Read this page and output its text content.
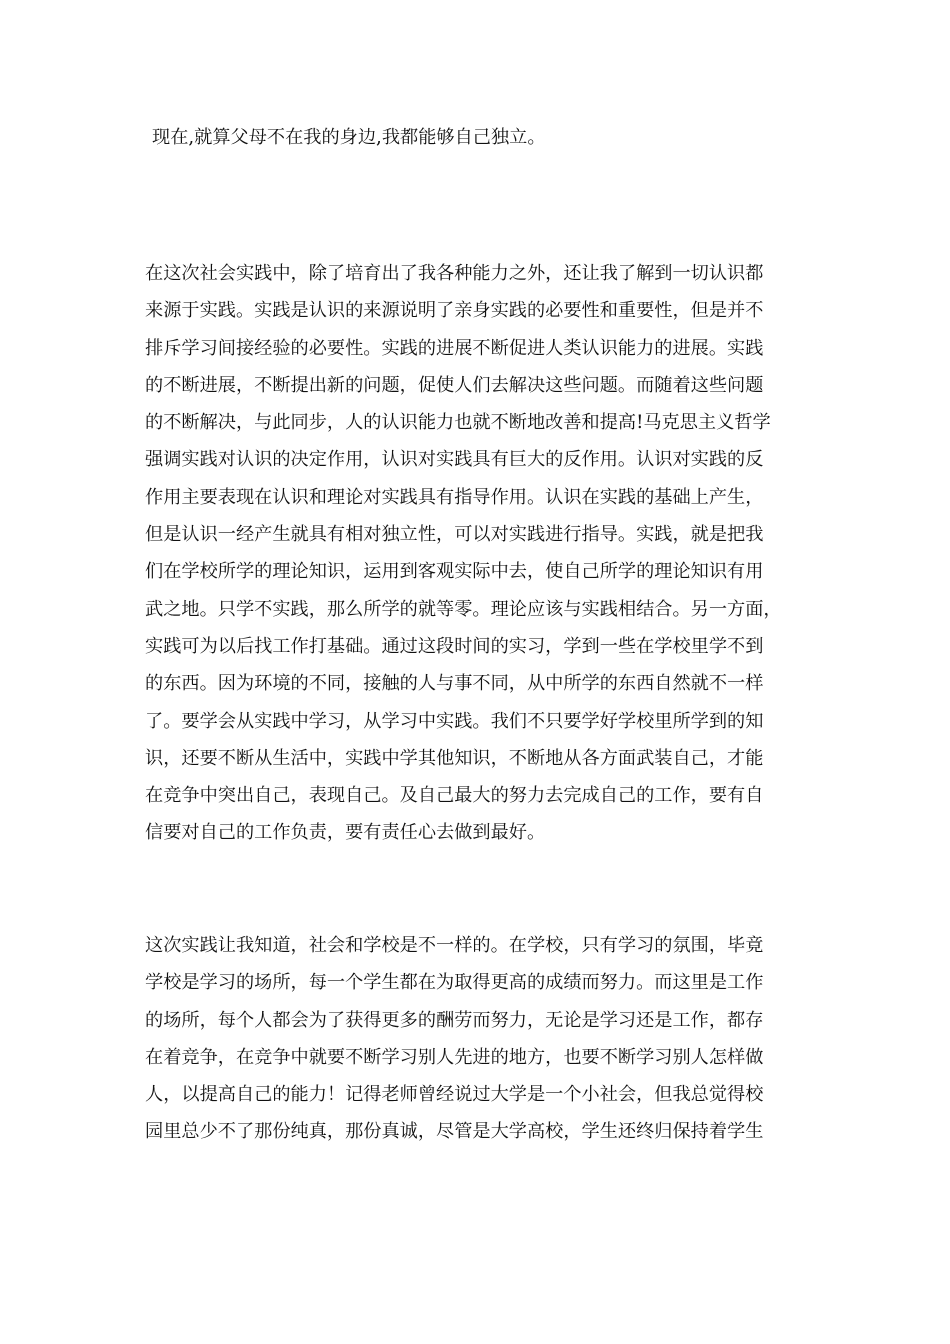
现在,就算父母不在我的身边,我都能够自己独立。
在这次社会实践中，除了培育出了我各种能力之外，还让我了解到一切认识都
来源于实践。实践是认识的来源说明了亲身实践的必要性和重要性，但是并不
排斥学习间接经验的必要性。实践的进展不断促进人类认识能力的进展。实践
的不断进展，不断提出新的问题，促使人们去解决这些问题。而随着这些问题
的不断解决，与此同步，人的认识能力也就不断地改善和提高!马克思主义哲学
强调实践对认识的决定作用，认识对实践具有巨大的反作用。认识对实践的反
作用主要表现在认识和理论对实践具有指导作用。认识在实践的基础上产生，
但是认识一经产生就具有相对独立性，可以对实践进行指导。实践，就是把我
们在学校所学的理论知识，运用到客观实际中去，使自己所学的理论知识有用
武之地。只学不实践，那么所学的就等零。理论应该与实践相结合。另一方面，
实践可为以后找工作打基础。通过这段时间的实习，学到一些在学校里学不到
的东西。因为环境的不同，接触的人与事不同，从中所学的东西自然就不一样
了。要学会从实践中学习，从学习中实践。我们不只要学好学校里所学到的知
识，还要不断从生活中，实践中学其他知识，不断地从各方面武装自己，才能
在竞争中突出自己，表现自己。及自己最大的努力去完成自己的工作，要有自
信要对自己的工作负责，要有责任心去做到最好。
这次实践让我知道，社会和学校是不一样的。在学校，只有学习的氛围，毕竟
学校是学习的场所，每一个学生都在为取得更高的成绩而努力。而这里是工作
的场所，每个人都会为了获得更多的酬劳而努力，无论是学习还是工作，都存
在着竞争，在竞争中就要不断学习别人先进的地方，也要不断学习别人怎样做
人，以提高自己的能力！记得老师曾经说过大学是一个小社会，但我总觉得校
园里总少不了那份纯真，那份真诚，尽管是大学高校，学生还终归保持着学生
